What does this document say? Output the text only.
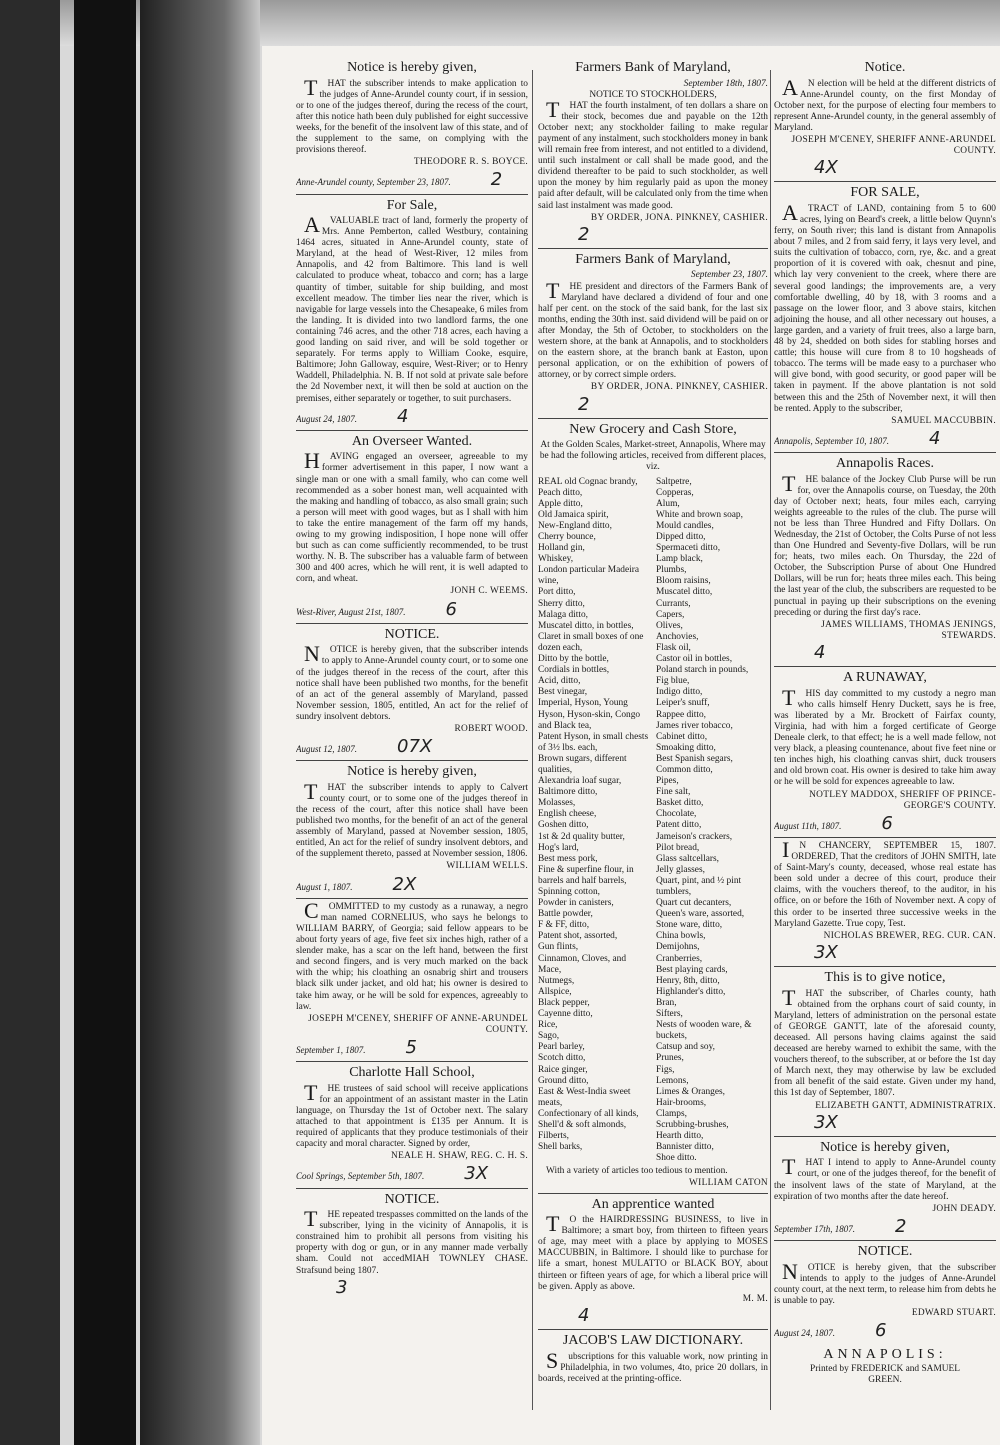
Notice is hereby given,

THAT the subscriber intends to make application to the judges of Anne-Arundel county court, if in session, or to one of the judges thereof, during the recess of the court, after this notice hath been duly published for eight successive weeks, for the benefit of the insolvent law of this state, and of the supplement to the same, on complying with the provisions thereof.

THEODORE R. S. BOYCE.
Anne-Arundel county, September 23, 1807. 2
For Sale,

AVALUABLE tract of land, formerly the property of Mrs. Anne Pemberton, called Westbury, containing 1464 acres, situated in Anne-Arundel county, state of Maryland, at the head of West-River, 12 miles from Annapolis, and 42 from Baltimore. This land is well calculated to produce wheat, tobacco and corn; has a large quantity of timber, suitable for ship building, and most excellent meadow. The timber lies near the river, which is navigable for large vessels into the Chesapeake, 6 miles from the landing. It is divided into two landlord farms, the one containing 746 acres, and the other 718 acres, each having a good landing on said river, and will be sold together or separately. For terms apply to William Cooke, esquire, Baltimore; John Galloway, esquire, West-River; or to Henry Waddell, Philadelphia. N. B. If not sold at private sale before the 2d November next, it will then be sold at auction on the premises, either separately or together, to suit purchasers.

August 24, 1807. 4
An Overseer Wanted.

HAVING engaged an overseer, agreeable to my former advertisement in this paper, I now want a single man or one with a small family, who can come well recommended as a sober honest man, well acquainted with the making and handling of tobacco, as also small grain; such a person will meet with good wages, but as I shall with him to take the entire management of the farm off my hands, owing to my growing indisposition, I hope none will offer but such as can come sufficiently recommended, to be trust worthy. N. B. The subscriber has a valuable farm of between 300 and 400 acres, which he will rent, it is well adapted to corn, and wheat.

JONH C. WEEMS.
West-River, August 21st, 1807. 6
NOTICE.

NOTICE is hereby given, that the subscriber intends to apply to Anne-Arundel county court, or to some one of the judges thereof in the recess of the court, after this notice shall have been published two months, for the benefit of an act of the general assembly of Maryland, passed November session, 1805, entitled, An act for the relief of sundry insolvent debtors.

ROBERT WOOD.
August 12, 1807. 07X
Notice is hereby given,

THAT the subscriber intends to apply to Calvert county court, or to some one of the judges thereof in the recess of the court, after this notice shall have been published two months, for the benefit of an act of the general assembly of Maryland, passed at November session, 1805, entitled, An act for the relief of sundry insolvent debtors, and of the supplement thereto, passed at November session, 1806.

WILLIAM WELLS.
August 1, 1807. 2X

COMMITTED to my custody as a runaway, a negro man named CORNELIUS, who says he belongs to WILLIAM BARRY, of Georgia; said fellow appears to be about forty years of age, five feet six inches high, rather of a slender make, has a scar on the left hand, between the first and second fingers, and is very much marked on the back with the whip; his cloathing an osnabrig shirt and trousers black silk under jacket, and old hat; his owner is desired to take him away, or he will be sold for expences, agreeably to law.

JOSEPH M'CENEY, SHERIFF OF ANNE-ARUNDEL COUNTY.
September 1, 1807. 5
Charlotte Hall School,

THE trustees of said school will receive applications for an appointment of an assistant master in the Latin language, on Thursday the 1st of October next. The salary attached to that appointment is £135 per Annum. It is required of applicants that they produce testimonials of their capacity and moral character. Signed by order,

NEALE H. SHAW, REG. C. H. S.
Cool Springs, September 5th, 1807. 3X
NOTICE.

THE repeated trespasses committed on the lands of the subscriber, lying in the vicinity of Annapolis, it is constrained him to prohibit all persons from visiting his property with dog or gun, or in any manner made verbally sham. Could not accedMIAH TOWNLEY CHASE. Strafsund being 1807.

3
Farmers Bank of Maryland,
September 18th, 1807.
NOTICE TO STOCKHOLDERS,

THAT the fourth instalment, of ten dollars a share on their stock, becomes due and payable on the 12th October next; any stockholder failing to make regular payment of any instalment, such stockholders money in bank will remain free from interest, and not entitled to a dividend, until such instalment or call shall be made good, and the dividend thereafter to be paid to such stockholder, as well upon the money by him regularly paid as upon the money paid after default, will be calculated only from the time when said last instalment was made good.

BY ORDER, JONA. PINKNEY, CASHIER.
2
Farmers Bank of Maryland,
September 23, 1807.

THE president and directors of the Farmers Bank of Maryland have declared a dividend of four and one half per cent. on the stock of the said bank, for the last six months, ending the 30th inst. said dividend will be paid on or after Monday, the 5th of October, to stockholders on the western shore, at the bank at Annapolis, and to stockholders on the eastern shore, at the branch bank at Easton, upon personal application, or on the exhibition of powers of attorney, or by correct simple orders.

BY ORDER, JONA. PINKNEY, CASHIER.
2
New Grocery and Cash Store,
At the Golden Scales, Market-street, Annapolis, Where may be had the following articles, received from different places, viz.
REAL old Cognac brandy,
Peach ditto,
Apple ditto,
Old Jamaica spirit,
New-England ditto,
Cherry bounce,
Holland gin,
Whiskey,
London particular Madeira wine,
Port ditto,
Sherry ditto,
Malaga ditto,
Muscatel ditto, in bottles,
Claret in small boxes of one dozen each,
Ditto by the bottle,
Cordials in bottles,
Acid, ditto,
Best vinegar,
Imperial, Hyson, Young Hyson, Hyson-skin, Congo and Black tea,
Patent Hyson, in small chests of 3½ lbs. each,
Brown sugars, different qualities,
Alexandria loaf sugar,
Baltimore ditto,
Molasses,
English cheese,
Goshen ditto,
1st & 2d quality butter,
Hog's lard,
Best mess pork,
Fine & superfine flour, in barrels and half barrels,
Spinning cotton,
Powder in canisters,
Battle powder,
F & FF, ditto,
Patent shot, assorted,
Gun flints,
Cinnamon, Cloves, and Mace,
Nutmegs,
Allspice,
Black pepper,
Cayenne ditto,
Rice,
Sago,
Pearl barley,
Scotch ditto,
Raice ginger,
Ground ditto,
East & West-India sweet meats,
Confectionary of all kinds,
Shell'd & soft almonds,
Filberts,
Shell barks,
Saltpetre,
Copperas,
Alum,
White and brown soap,
Mould candles,
Dipped ditto,
Spermaceti ditto,
Lamp black,
Plumbs,
Bloom raisins,
Muscatel ditto,
Currants,
Capers,
Olives,
Anchovies,
Flask oil,
Castor oil in bottles,
Poland starch in pounds,
Fig blue,
Indigo ditto,
Leiper's snuff,
Rappee ditto,
James river tobacco,
Cabinet ditto,
Smoaking ditto,
Best Spanish segars,
Common ditto,
Pipes,
Fine salt,
Basket ditto,
Chocolate,
Patent ditto,
Jameison's crackers,
Pilot bread,
Glass saltcellars,
Jelly glasses,
Quart, pint, and ½ pint tumblers,
Quart cut decanters,
Queen's ware, assorted,
Stone ware, ditto,
China bowls,
Demijohns,
Cranberries,
Best playing cards,
Henry, 8th, ditto,
Highlander's ditto,
Bran,
Sifters,
Nests of wooden ware, & buckets,
Catsup and soy,
Prunes,
Figs,
Lemons,
Limes & Oranges,
Hair-brooms,
Clamps,
Scrubbing-brushes,
Hearth ditto,
Bannister ditto,
Shoe ditto.

With a variety of articles too tedious to mention.

WILLIAM CATON
An apprentice wanted

TO the HAIRDRESSING BUSINESS, to live in Baltimore; a smart boy, from thirteen to fifteen years of age, may meet with a place by applying to MOSES MACCUBBIN, in Baltimore. I should like to purchase for life a smart, honest MULATTO or BLACK BOY, about thirteen or fifteen years of age, for which a liberal price will be given. Apply as above.

M. M.
4
JACOB'S LAW DICTIONARY.

Subscriptions for this valuable work, now printing in Philadelphia, in two volumes, 4to, price 20 dollars, in boards, received at the printing-office.

Notice.

AN election will be held at the different districts of Anne-Arundel county, on the first Monday of October next, for the purpose of electing four members to represent Anne-Arundel county, in the general assembly of Maryland.

JOSEPH M'CENEY, SHERIFF ANNE-ARUNDEL COUNTY.
4X
FOR SALE,

ATRACT of LAND, containing from 5 to 600 acres, lying on Beard's creek, a little below Quynn's ferry, on South river; this land is distant from Annapolis about 7 miles, and 2 from said ferry, it lays very level, and suits the cultivation of tobacco, corn, rye, &c. and a great proportion of it is covered with oak, chesnut and pine, which lay very convenient to the creek, where there are several good landings; the improvements are, a very comfortable dwelling, 40 by 18, with 3 rooms and a passage on the lower floor, and 3 above stairs, kitchen adjoining the house, and all other necessary out houses, a large garden, and a variety of fruit trees, also a large barn, 48 by 24, shedded on both sides for stabling horses and cattle; this house will cure from 8 to 10 hogsheads of tobacco. The terms will be made easy to a purchaser who will give bond, with good security, or good paper will be taken in payment. If the above plantation is not sold between this and the 25th of November next, it will then be rented. Apply to the subscriber,

SAMUEL MACCUBBIN.
Annapolis, September 10, 1807. 4
Annapolis Races.

THE balance of the Jockey Club Purse will be run for, over the Annapolis course, on Tuesday, the 20th day of October next; heats, four miles each, carrying weights agreeable to the rules of the club. The purse will not be less than Three Hundred and Fifty Dollars. On Wednesday, the 21st of October, the Colts Purse of not less than One Hundred and Seventy-five Dollars, will be run for; heats, two miles each. On Thursday, the 22d of October, the Subscription Purse of about One Hundred Dollars, will be run for; heats three miles each. This being the last year of the club, the subscribers are requested to be punctual in paying up their subscriptions on the evening preceding or during the first day's race.

JAMES WILLIAMS, THOMAS JENINGS, STEWARDS.
4
A RUNAWAY,

THIS day committed to my custody a negro man who calls himself Henry Duckett, says he is free, was liberated by a Mr. Brockett of Fairfax county, Virginia, had with him a forged certificate of George Deneale clerk, to that effect; he is a well made fellow, not very black, a pleasing countenance, about five feet nine or ten inches high, his cloathing canvas shirt, duck trousers and old brown coat. His owner is desired to take him away or he will be sold for expences agreeable to law.

NOTLEY MADDOX, SHERIFF OF PRINCE-GEORGE'S COUNTY.
August 11th, 1807. 6

IN CHANCERY, SEPTEMBER 15, 1807. ORDERED, That the creditors of JOHN SMITH, late of Saint-Mary's county, deceased, whose real estate has been sold under a decree of this court, produce their claims, with the vouchers thereof, to the auditor, in his office, on or before the 16th of November next. A copy of this order to be inserted three successive weeks in the Maryland Gazette. True copy, Test.

NICHOLAS BREWER, REG. CUR. CAN.
3X
This is to give notice,

THAT the subscriber, of Charles county, hath obtained from the orphans court of said county, in Maryland, letters of administration on the personal estate of GEORGE GANTT, late of the aforesaid county, deceased. All persons having claims against the said deceased are hereby warned to exhibit the same, with the vouchers thereof, to the subscriber, at or before the 1st day of March next, they may otherwise by law be excluded from all benefit of the said estate. Given under my hand, this 1st day of September, 1807.

ELIZABETH GANTT, ADMINISTRATRIX.
3X
Notice is hereby given,

THAT I intend to apply to Anne-Arundel county court, or one of the judges thereof, for the benefit of the insolvent laws of the state of Maryland, at the expiration of two months after the date hereof.

JOHN DEADY.
September 17th, 1807. 2
NOTICE.

NOTICE is hereby given, that the subscriber intends to apply to the judges of Anne-Arundel county court, at the next term, to release him from debts he is unable to pay.

EDWARD STUART.
August 24, 1807. 6
ANNAPOLIS:
Printed by FREDERICK and SAMUEL
GREEN.
